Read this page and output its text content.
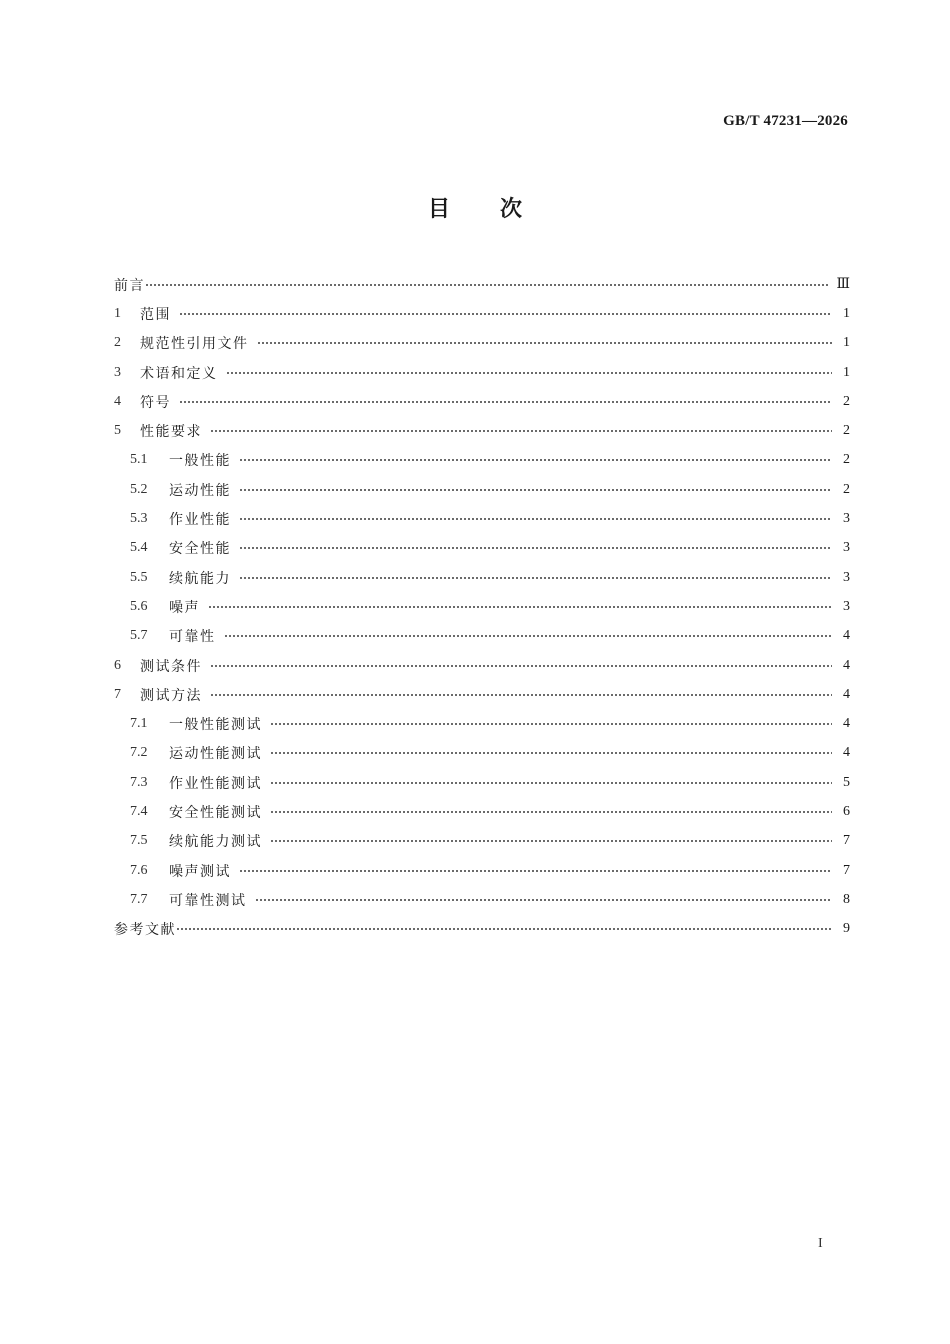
GB/T 47231—2026
目次
前言	Ⅲ
1	范围	1
2	规范性引用文件	1
3	术语和定义	1
4	符号	2
5	性能要求	2
5.1	一般性能	2
5.2	运动性能	2
5.3	作业性能	3
5.4	安全性能	3
5.5	续航能力	3
5.6	噪声	3
5.7	可靠性	4
6	测试条件	4
7	测试方法	4
7.1	一般性能测试	4
7.2	运动性能测试	4
7.3	作业性能测试	5
7.4	安全性能测试	6
7.5	续航能力测试	7
7.6	噪声测试	7
7.7	可靠性测试	8
参考文献	9
I
